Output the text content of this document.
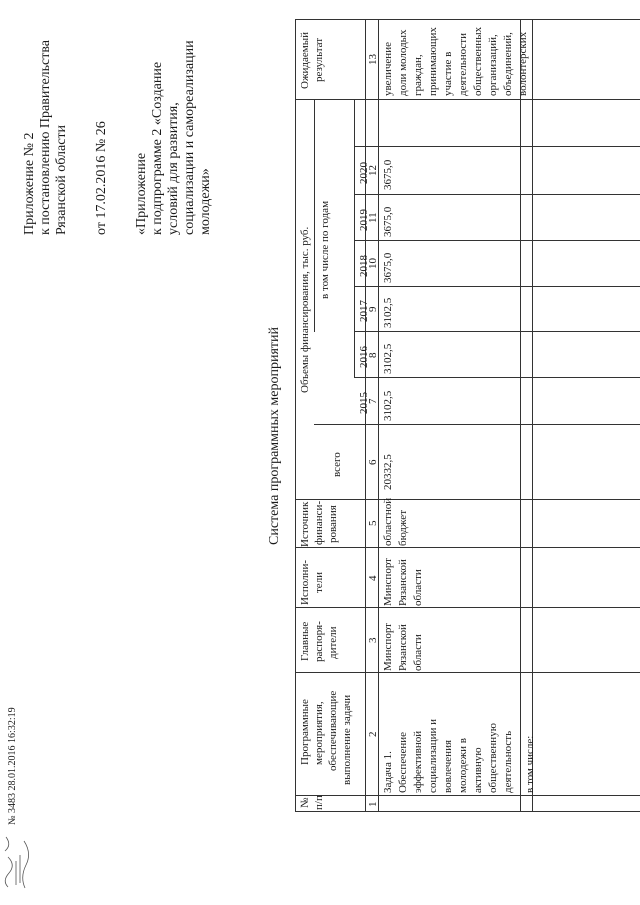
Приложение № 2 к постановлению Правительства Рязанской области от 17.02.2016 № 26 «Приложение к подпрограмме 2 «Создание условий для развития, социализации и самореализации молодежи»
Система программных мероприятий
№ п/п
Программные мероприятия, обеспечивающие выполнение задачи
Главные распоря- дители
Исполни- тели
Источник финанси- рования
Объемы финансирования, тыс. руб.
всего
в том числе по годам
2015
2016
2017
2018
2019
2020
Ожидаемый результат
1
2
3
4
5
6
7
8
9
10
11
12
13
Задача 1. Обеспечение эффективной социализации и вовлечения молодежи в активную общественную деятельность
Минспорт Рязанской области
Минспорт Рязанской области
областной бюджет
20332,5
3102,5
3102,5
3102,5
3675,0
3675,0
3675,0
увеличение доли молодых граждан, принимающих участие в деятельности общественных организаций, объединений, волонтерских
в том числе:
№ 3483 28.01.2016 16:32:19
